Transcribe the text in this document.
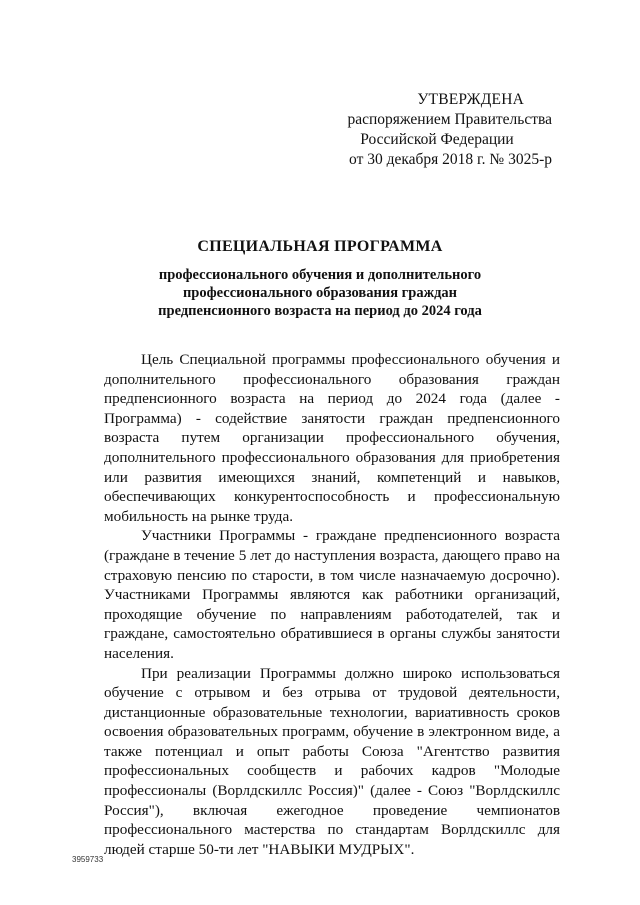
УТВЕРЖДЕНА
распоряжением Правительства
Российской Федерации
от 30 декабря 2018 г. № 3025-р
СПЕЦИАЛЬНАЯ ПРОГРАММА
профессионального обучения и дополнительного
профессионального образования граждан
предпенсионного возраста на период до 2024 года

Цель Специальной программы профессионального обучения и дополнительного профессионального образования граждан предпенсионного возраста на период до 2024 года (далее - Программа) - содействие занятости граждан предпенсионного возраста путем организации профессионального обучения, дополнительного профессионального образования для приобретения или развития имеющихся знаний, компетенций и навыков, обеспечивающих конкурентоспособность и профессиональную мобильность на рынке труда.

Участники Программы - граждане предпенсионного возраста (граждане в течение 5 лет до наступления возраста, дающего право на страховую пенсию по старости, в том числе назначаемую досрочно). Участниками Программы являются как работники организаций, проходящие обучение по направлениям работодателей, так и граждане, самостоятельно обратившиеся в органы службы занятости населения.

При реализации Программы должно широко использоваться обучение с отрывом и без отрыва от трудовой деятельности, дистанционные образовательные технологии, вариативность сроков освоения образовательных программ, обучение в электронном виде, а также потенциал и опыт работы Союза "Агентство развития профессиональных сообществ и рабочих кадров "Молодые профессионалы (Ворлдскиллс Россия)" (далее - Союз "Ворлдскиллс Россия"), включая ежегодное проведение чемпионатов профессионального мастерства по стандартам Ворлдскиллс для людей старше 50-ти лет "НАВЫКИ МУДРЫХ".

3959733
